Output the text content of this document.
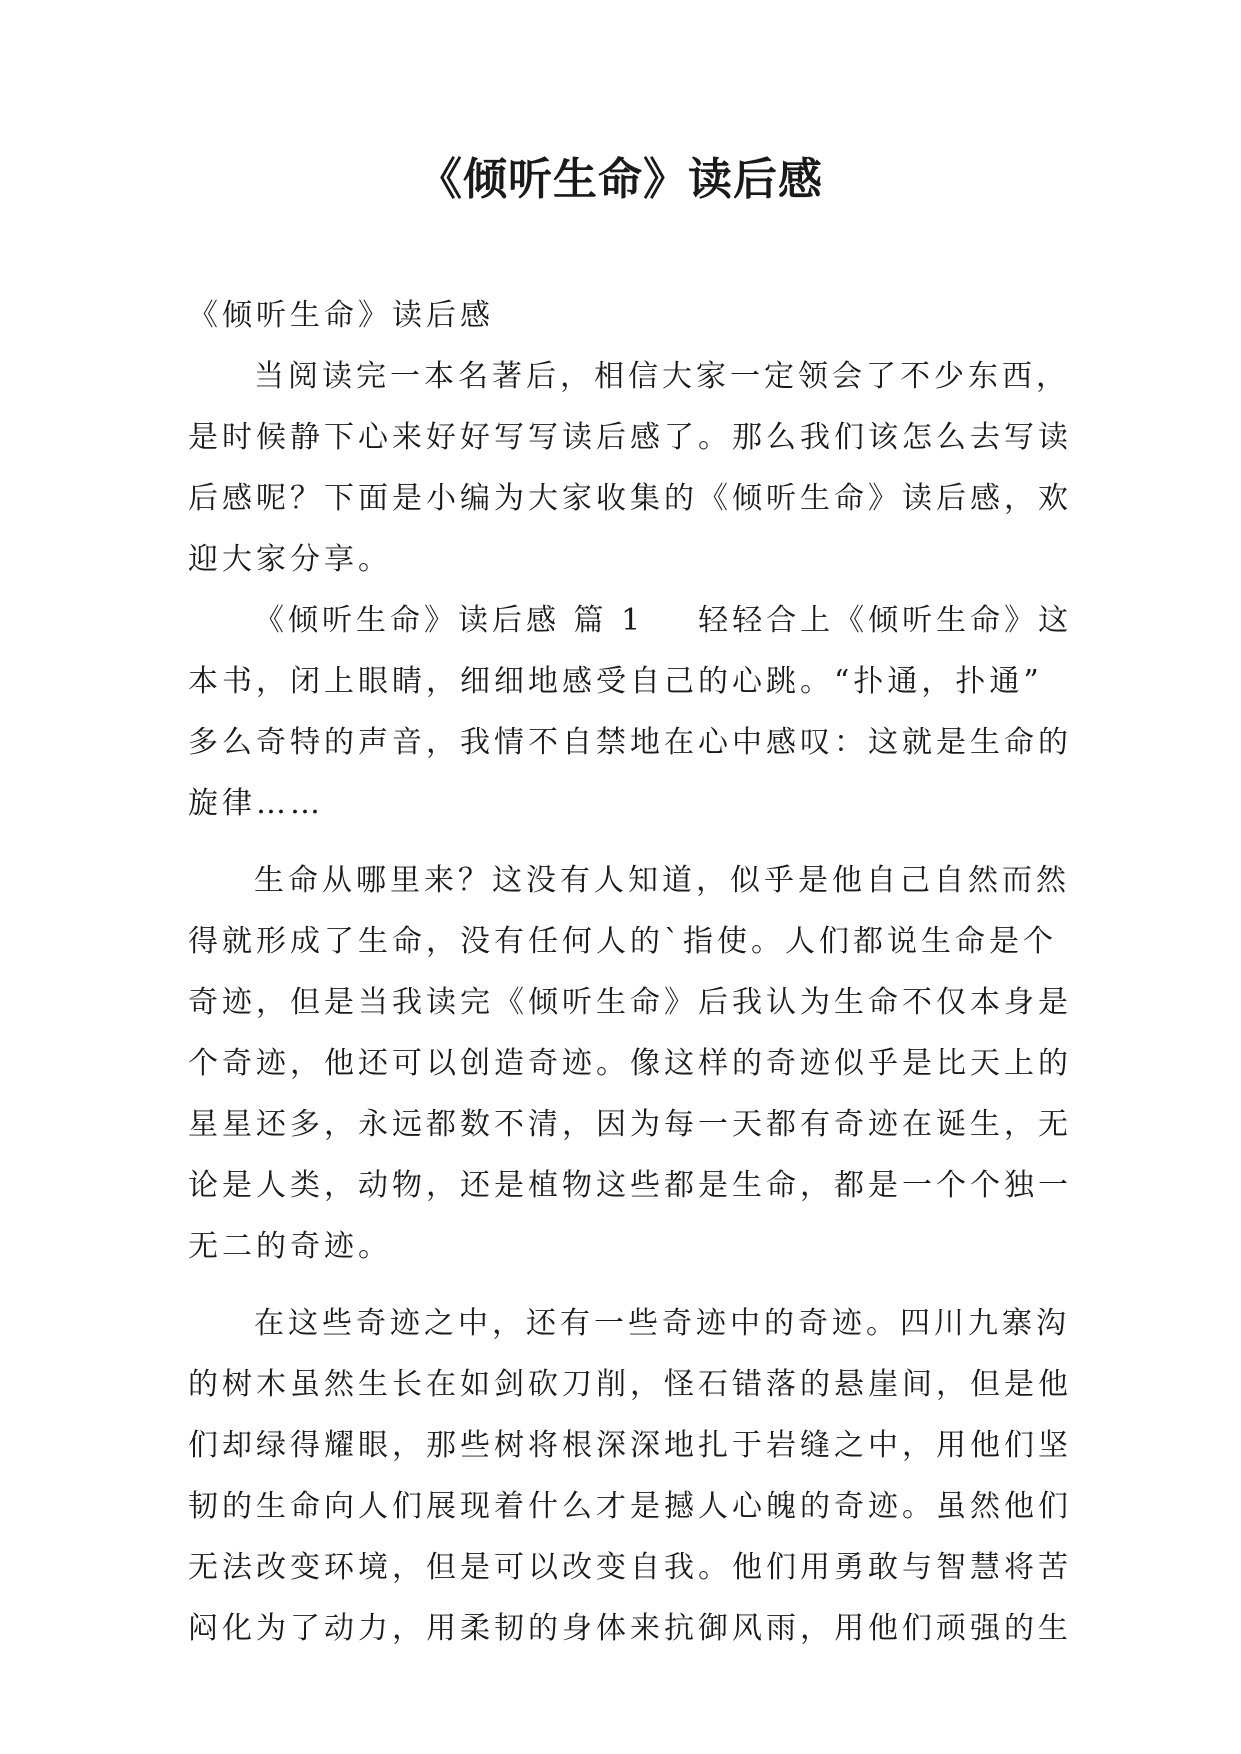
《倾听生命》读后感
《倾听生命》读后感
当阅读完一本名著后，相信大家一定领会了不少东西，
是时候静下心来好好写写读后感了。那么我们该怎么去写读
后感呢？下面是小编为大家收集的《倾听生命》读后感，欢
迎大家分享。
《倾听生命》读后感 篇 1 轻轻合上《倾听生命》这
本书，闭上眼睛，细细地感受自己的心跳。“扑通，扑通”
多么奇特的声音，我情不自禁地在心中感叹：这就是生命的
旋律……
生命从哪里来？这没有人知道，似乎是他自己自然而然
得就形成了生命，没有任何人的`指使。人们都说生命是个
奇迹，但是当我读完《倾听生命》后我认为生命不仅本身是
个奇迹，他还可以创造奇迹。像这样的奇迹似乎是比天上的
星星还多，永远都数不清，因为每一天都有奇迹在诞生，无
论是人类，动物，还是植物这些都是生命，都是一个个独一
无二的奇迹。
在这些奇迹之中，还有一些奇迹中的奇迹。四川九寨沟
的树木虽然生长在如剑砍刀削，怪石错落的悬崖间，但是他
们却绿得耀眼，那些树将根深深地扎于岩缝之中，用他们坚
韧的生命向人们展现着什么才是撼人心魄的奇迹。虽然他们
无法改变环境，但是可以改变自我。他们用勇敢与智慧将苦
闷化为了动力，用柔韧的身体来抗御风雨，用他们顽强的生
